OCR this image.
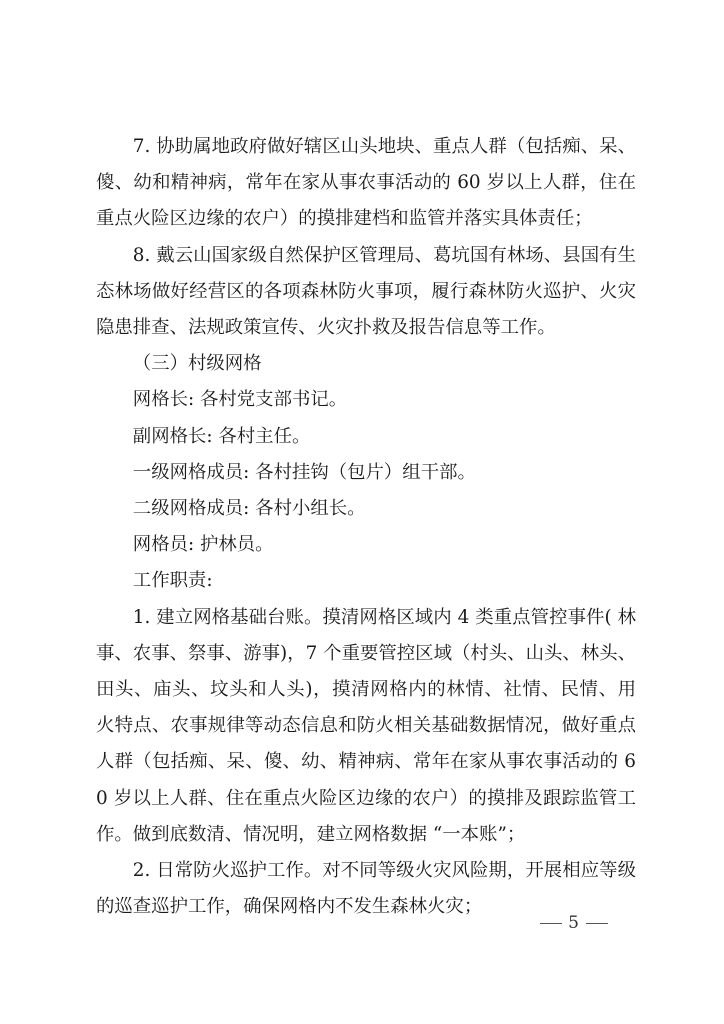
7. 协助属地政府做好辖区山头地块、重点人群（包括痴、呆、傻、幼和精神病，常年在家从事农事活动的 60 岁以上人群，住在重点火险区边缘的农户）的摸排建档和监管并落实具体责任；

8. 戴云山国家级自然保护区管理局、葛坑国有林场、县国有生态林场做好经营区的各项森林防火事项，履行森林防火巡护、火灾隐患排查、法规政策宣传、火灾扑救及报告信息等工作。

（三）村级网格

网格长: 各村党支部书记。

副网格长: 各村主任。

一级网格成员: 各村挂钩（包片）组干部。

二级网格成员: 各村小组长。

网格员: 护林员。

工作职责:

1. 建立网格基础台账。摸清网格区域内 4 类重点管控事件( 林事、农事、祭事、游事)，7 个重要管控区域（村头、山头、林头、田头、庙头、坟头和人头)，摸清网格内的林情、社情、民情、用火特点、农事规律等动态信息和防火相关基础数据情况，做好重点人群（包括痴、呆、傻、幼、精神病、常年在家从事农事活动的 60 岁以上人群、住在重点火险区边缘的农户）的摸排及跟踪监管工作。做到底数清、情况明，建立网格数据 “一本账”；

2. 日常防火巡护工作。对不同等级火灾风险期，开展相应等级的巡查巡护工作，确保网格内不发生森林火灾；

5
